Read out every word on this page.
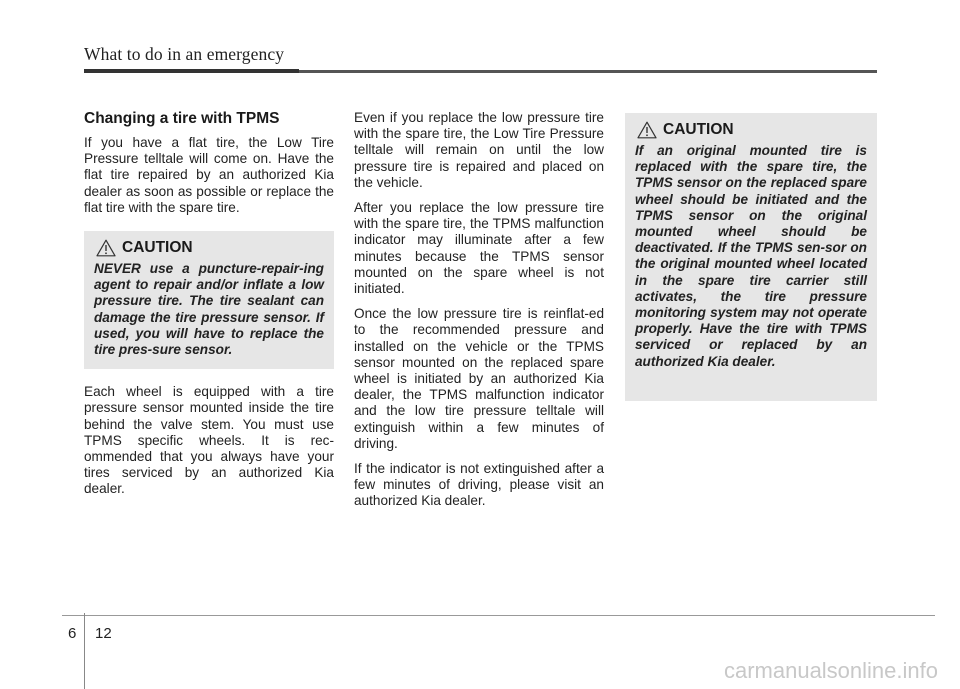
What to do in an emergency
Changing a tire with TPMS

If you have a flat tire, the Low Tire Pressure telltale will come on. Have the flat tire repaired by an authorized Kia dealer as soon as possible or replace the flat tire with the spare tire.

CAUTION

NEVER use a puncture-repair-ing agent to repair and/or inflate a low pressure tire. The tire sealant can damage the tire pressure sensor. If used, you will have to replace the tire pres-sure sensor.

Each wheel is equipped with a tire pressure sensor mounted inside the tire behind the valve stem. You must use TPMS specific wheels. It is rec-ommended that you always have your tires serviced by an authorized Kia dealer.

Even if you replace the low pressure tire with the spare tire, the Low Tire Pressure telltale will remain on until the low pressure tire is repaired and placed on the vehicle.

After you replace the low pressure tire with the spare tire, the TPMS malfunction indicator may illuminate after a few minutes because the TPMS sensor mounted on the spare wheel is not initiated.

Once the low pressure tire is reinflat-ed to the recommended pressure and installed on the vehicle or the TPMS sensor mounted on the replaced spare wheel is initiated by an authorized Kia dealer, the TPMS malfunction indicator and the low tire pressure telltale will extinguish within a few minutes of driving.

If the indicator is not extinguished after a few minutes of driving, please visit an authorized Kia dealer.

CAUTION

If an original mounted tire is replaced with the spare tire, the TPMS sensor on the replaced spare wheel should be initiated and the TPMS sensor on the original mounted wheel should be deactivated. If the TPMS sen-sor on the original mounted wheel located in the spare tire carrier still activates, the tire pressure monitoring system may not operate properly. Have the tire with TPMS serviced or replaced by an authorized Kia dealer.

6 12
carmanualsonline.info
